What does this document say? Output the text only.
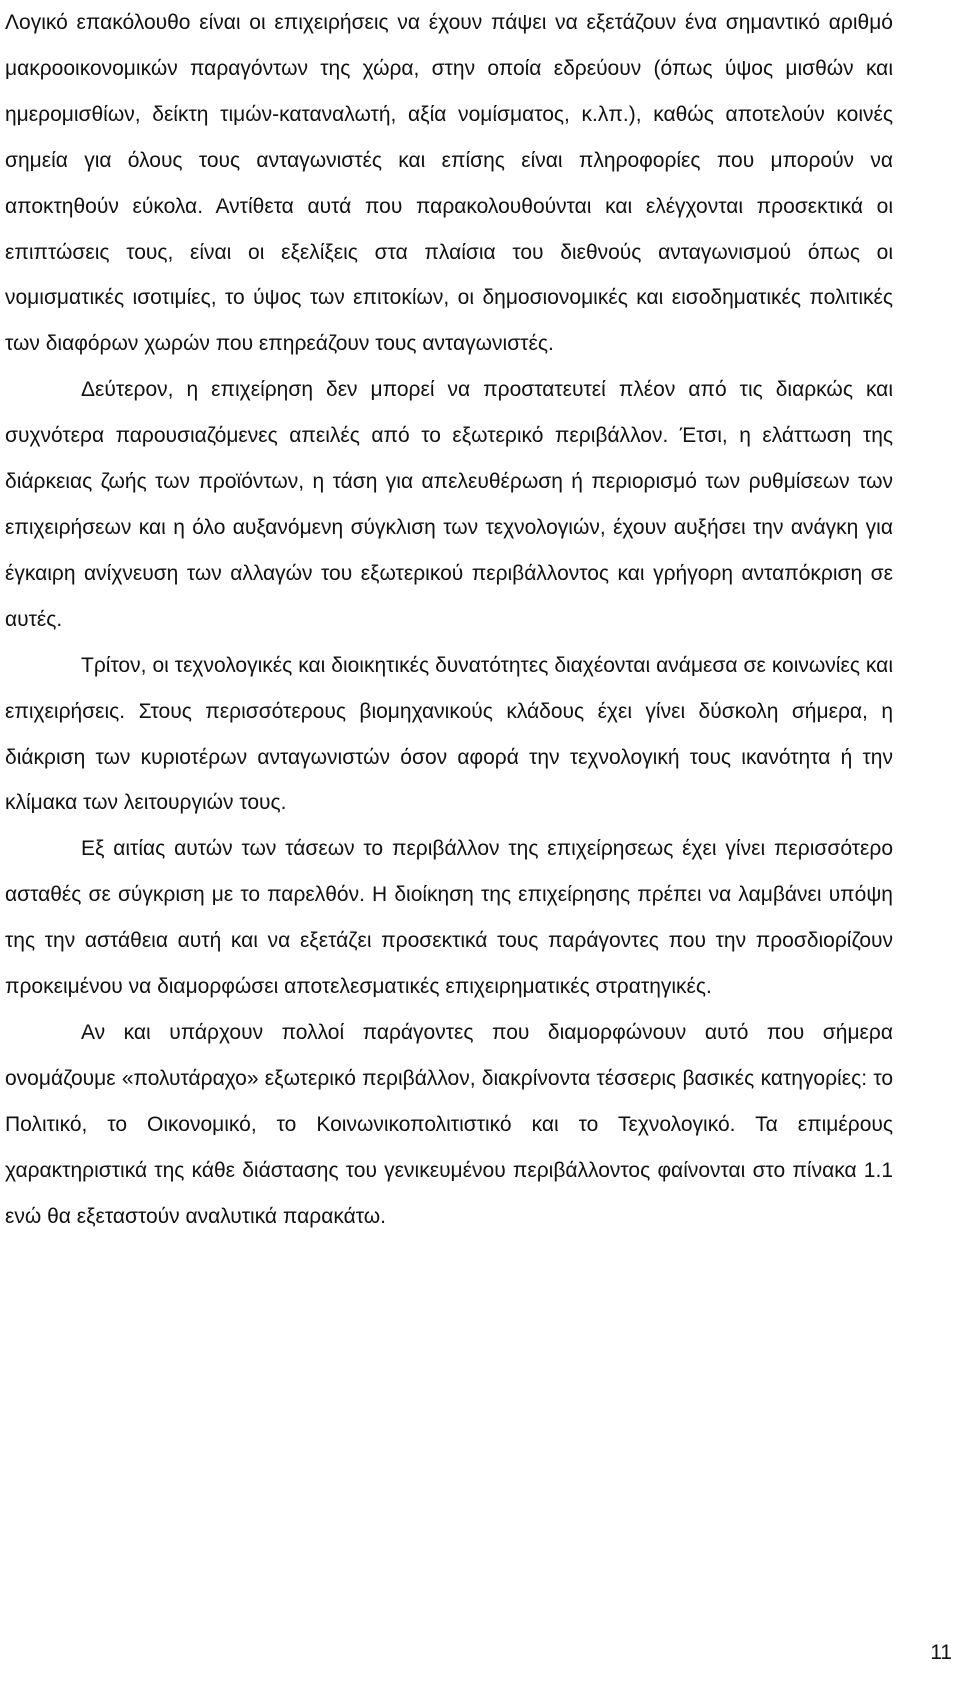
Λογικό επακόλουθο είναι οι επιχειρήσεις να έχουν πάψει να εξετάζουν ένα σημαντικό αριθμό μακροοικονομικών παραγόντων της χώρα, στην οποία εδρεύουν (όπως ύψος μισθών και ημερομισθίων, δείκτη τιμών-καταναλωτή, αξία νομίσματος, κ.λπ.), καθώς αποτελούν κοινές σημεία για όλους τους ανταγωνιστές και επίσης είναι πληροφορίες που μπορούν να αποκτηθούν εύκολα. Αντίθετα αυτά που παρακολουθούνται και ελέγχονται προσεκτικά οι επιπτώσεις τους, είναι οι εξελίξεις στα πλαίσια του διεθνούς ανταγωνισμού όπως οι νομισματικές ισοτιμίες, το ύψος των επιτοκίων, οι δημοσιονομικές και εισοδηματικές πολιτικές των διαφόρων χωρών που επηρεάζουν τους ανταγωνιστές.

Δεύτερον, η επιχείρηση δεν μπορεί να προστατευτεί πλέον από τις διαρκώς και συχνότερα παρουσιαζόμενες απειλές από το εξωτερικό περιβάλλον. Έτσι, η ελάττωση της διάρκειας ζωής των προϊόντων, η τάση για απελευθέρωση ή περιορισμό των ρυθμίσεων των επιχειρήσεων και η όλο αυξανόμενη σύγκλιση των τεχνολογιών, έχουν αυξήσει την ανάγκη για έγκαιρη ανίχνευση των αλλαγών του εξωτερικού περιβάλλοντος και γρήγορη ανταπόκριση σε αυτές.

Τρίτον, οι τεχνολογικές και διοικητικές δυνατότητες διαχέονται ανάμεσα σε κοινωνίες και επιχειρήσεις. Στους περισσότερους βιομηχανικούς κλάδους έχει γίνει δύσκολη σήμερα, η διάκριση των κυριοτέρων ανταγωνιστών όσον αφορά την τεχνολογική τους ικανότητα ή την κλίμακα των λειτουργιών τους.

Εξ αιτίας αυτών των τάσεων το περιβάλλον της επιχείρησεως έχει γίνει περισσότερο ασταθές σε σύγκριση με το παρελθόν. Η διοίκηση της επιχείρησης πρέπει να λαμβάνει υπόψη της την αστάθεια αυτή και να εξετάζει προσεκτικά τους παράγοντες που την προσδιορίζουν προκειμένου να διαμορφώσει αποτελεσματικές επιχειρηματικές στρατηγικές.

Αν και υπάρχουν πολλοί παράγοντες που διαμορφώνουν αυτό που σήμερα ονομάζουμε «πολυτάραχο» εξωτερικό περιβάλλον, διακρίνοντα τέσσερις βασικές κατηγορίες: το Πολιτικό, το Οικονομικό, το Κοινωνικοπολιτιστικό και το Τεχνολογικό. Τα επιμέρους χαρακτηριστικά της κάθε διάστασης του γενικευμένου περιβάλλοντος φαίνονται στο πίνακα 1.1 ενώ θα εξεταστούν αναλυτικά παρακάτω.

11
